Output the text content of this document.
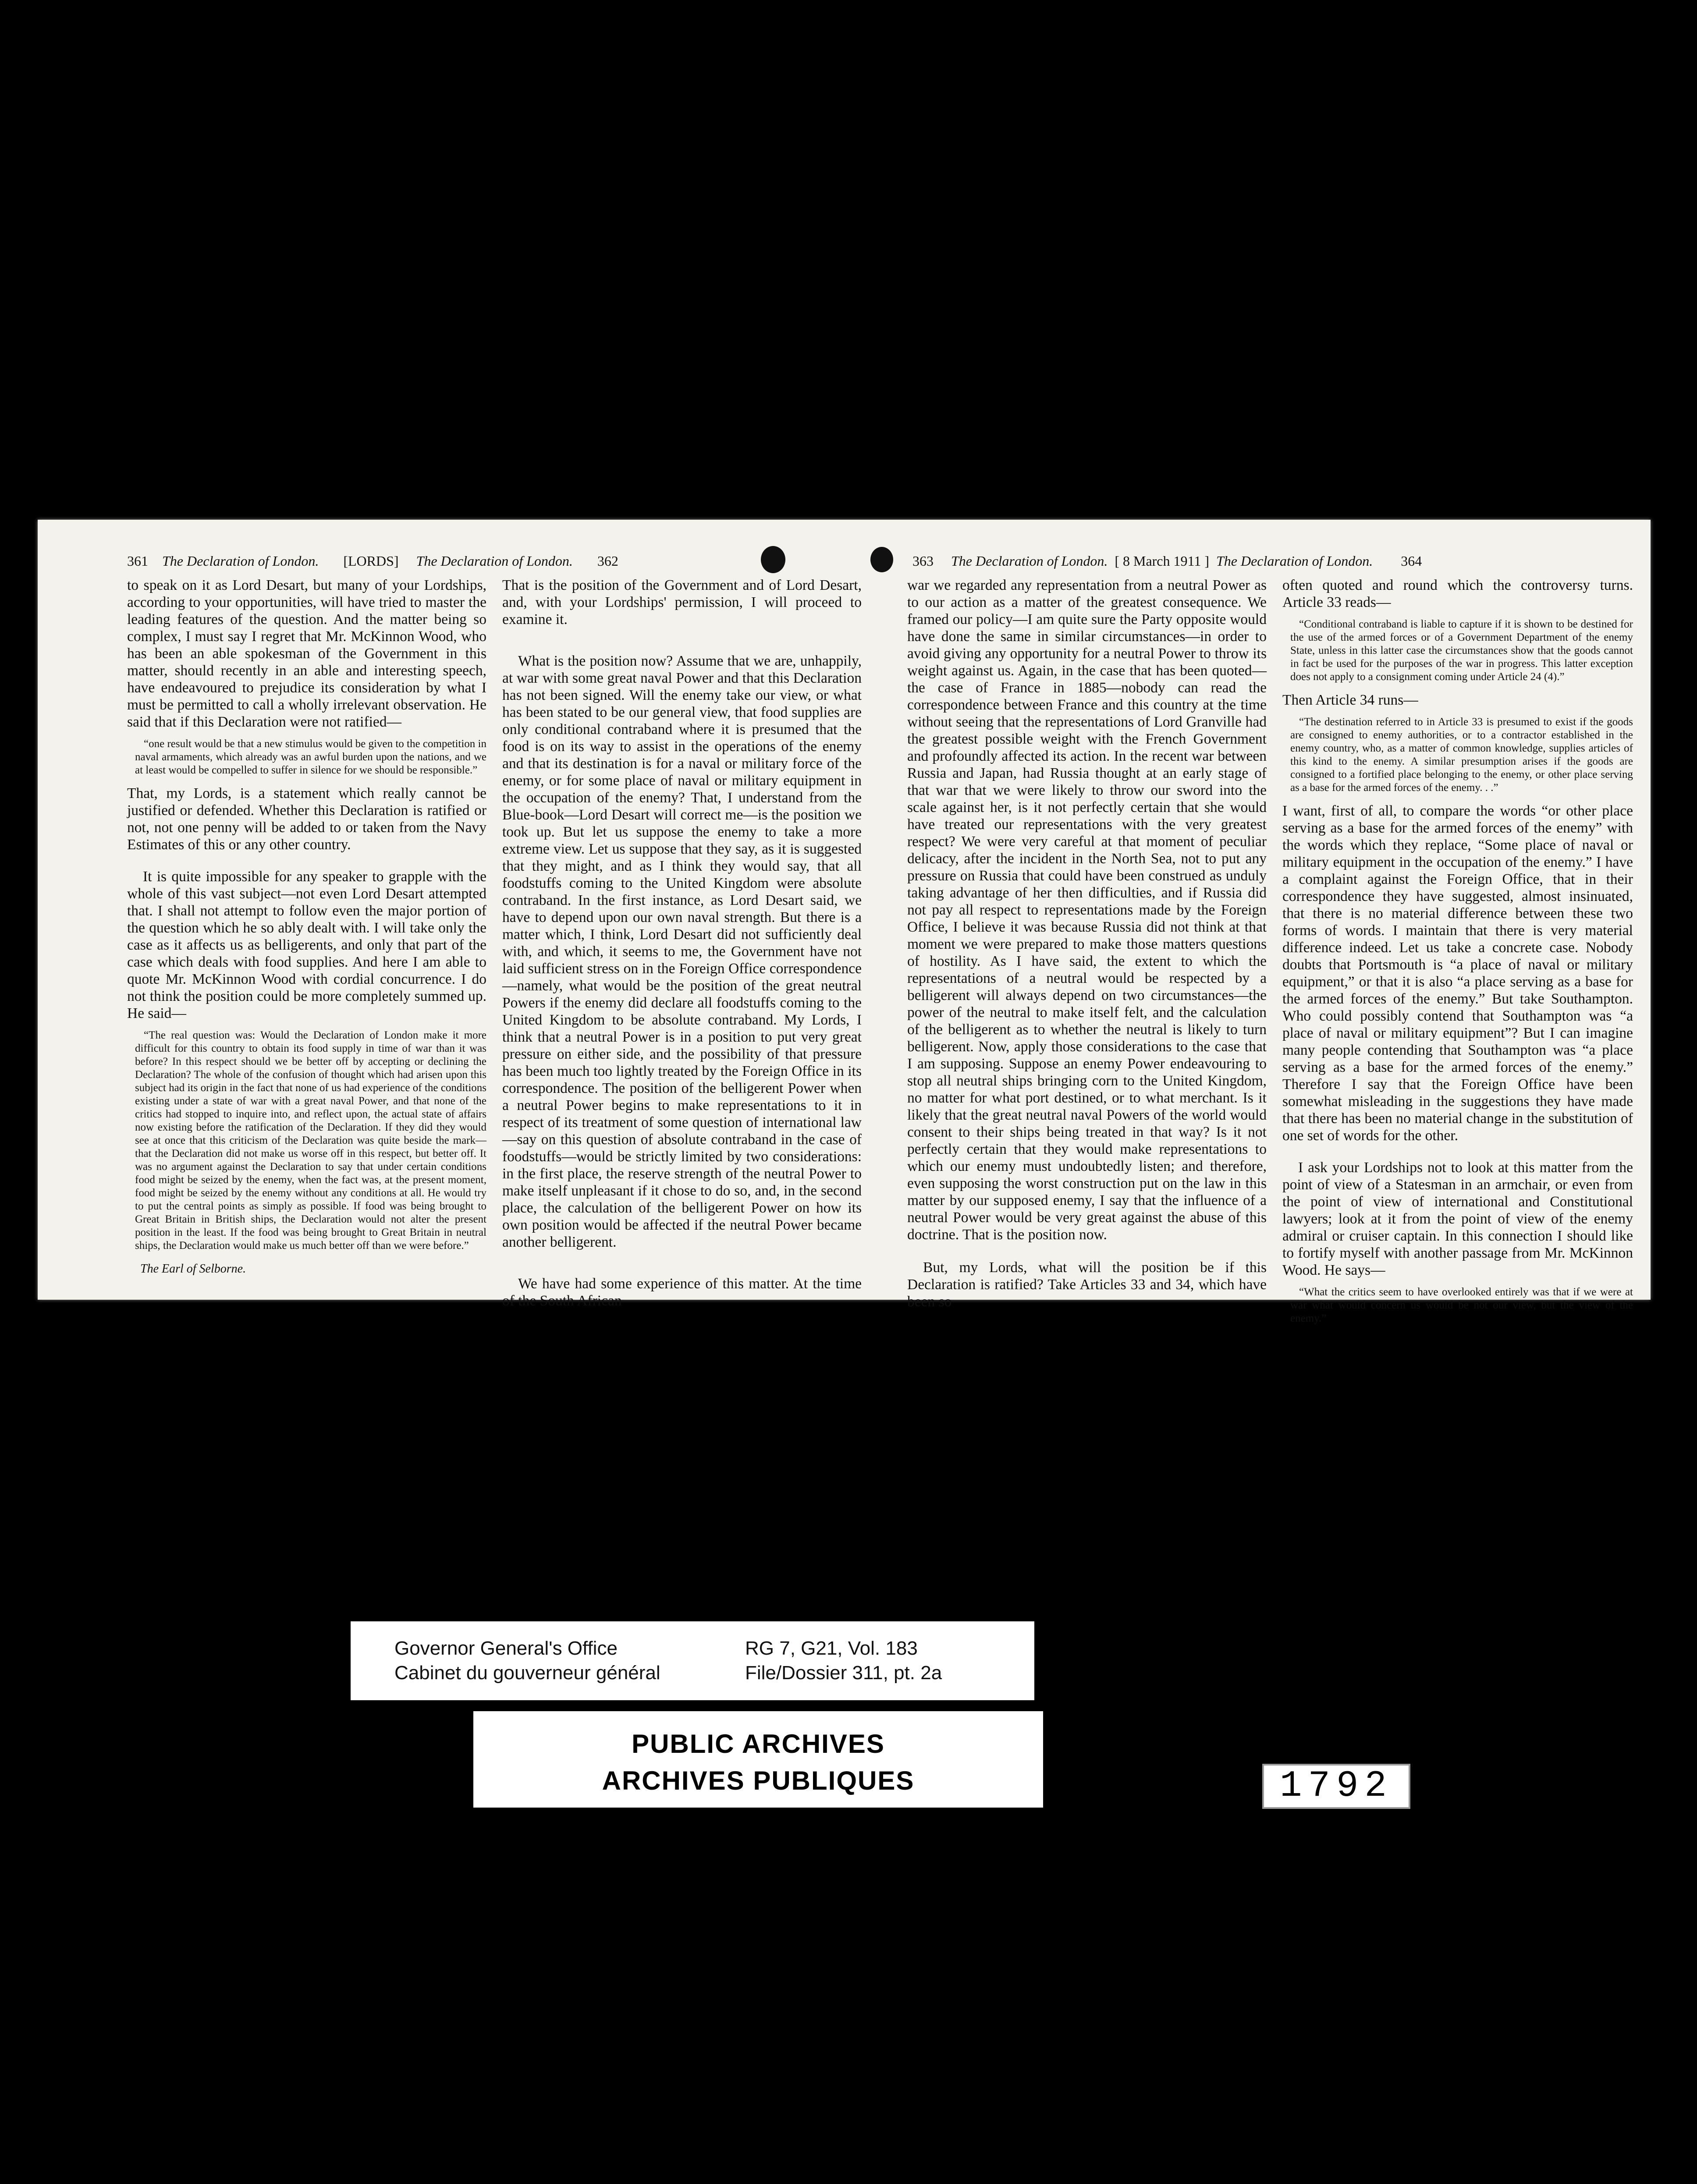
361 The Declaration of London. [LORDS] The Declaration of London. 362	363 The Declaration of London. [ 8 March 1911 ] The Declaration of London. 364

to speak on it as Lord Desart, but many of your Lordships, according to your opportunities, will have tried to master the leading features of the question. And the matter being so complex, I must say I regret that Mr. McKinnon Wood, who has been an able spokesman of the Government in this matter, should recently in an able and interesting speech, have endeavoured to prejudice its consideration by what I must be permitted to call a wholly irrelevant observation. He said that if this Declaration were not ratified—

“one result would be that a new stimulus would be given to the competition in naval armaments, which already was an awful burden upon the nations, and we at least would be compelled to suffer in silence for we should be responsible.”

That, my Lords, is a statement which really cannot be justified or defended. Whether this Declaration is ratified or not, not one penny will be added to or taken from the Navy Estimates of this or any other country.

It is quite impossible for any speaker to grapple with the whole of this vast subject—not even Lord Desart attempted that. I shall not attempt to follow even the major portion of the question which he so ably dealt with. I will take only the case as it affects us as belligerents, and only that part of the case which deals with food supplies. And here I am able to quote Mr. McKinnon Wood with cordial concurrence. I do not think the position could be more completely summed up. He said—

“The real question was: Would the Declaration of London make it more difficult for this country to obtain its food supply in time of war than it was before? In this respect should we be better off by accepting or declining the Declaration? The whole of the confusion of thought which had arisen upon this subject had its origin in the fact that none of us had experience of the conditions existing under a state of war with a great naval Power, and that none of the critics had stopped to inquire into, and reflect upon, the actual state of affairs now existing before the ratification of the Declaration. If they did they would see at once that this criticism of the Declaration was quite beside the mark—that the Declaration did not make us worse off in this respect, but better off. It was no argument against the Declaration to say that under certain conditions food might be seized by the enemy, when the fact was, at the present moment, food might be seized by the enemy without any conditions at all. He would try to put the central points as simply as possible. If food was being brought to Great Britain in British ships, the Declaration would not alter the present position in the least. If the food was being brought to Great Britain in neutral ships, the Declaration would make us much better off than we were before.”
The Earl of Selborne.

That is the position of the Government and of Lord Desart, and, with your Lordships' permission, I will proceed to examine it.

What is the position now? Assume that we are, unhappily, at war with some great naval Power and that this Declaration has not been signed. Will the enemy take our view, or what has been stated to be our general view, that food supplies are only conditional contraband where it is presumed that the food is on its way to assist in the operations of the enemy and that its destination is for a naval or military force of the enemy, or for some place of naval or military equipment in the occupation of the enemy? That, I understand from the Blue-book—Lord Desart will correct me—is the position we took up. But let us suppose the enemy to take a more extreme view. Let us suppose that they say, as it is suggested that they might, and as I think they would say, that all foodstuffs coming to the United Kingdom were absolute contraband. In the first instance, as Lord Desart said, we have to depend upon our own naval strength. But there is a matter which, I think, Lord Desart did not sufficiently deal with, and which, it seems to me, the Government have not laid sufficient stress on in the Foreign Office correspondence—namely, what would be the position of the great neutral Powers if the enemy did declare all foodstuffs coming to the United Kingdom to be absolute contraband. My Lords, I think that a neutral Power is in a position to put very great pressure on either side, and the possibility of that pressure has been much too lightly treated by the Foreign Office in its correspondence. The position of the belligerent Power when a neutral Power begins to make representations to it in respect of its treatment of some question of international law—say on this question of absolute contraband in the case of foodstuffs—would be strictly limited by two considerations: in the first place, the reserve strength of the neutral Power to make itself unpleasant if it chose to do so, and, in the second place, the calculation of the belligerent Power on how its own position would be affected if the neutral Power became another belligerent.

We have had some experience of this matter. At the time of the South African

war we regarded any representation from a neutral Power as to our action as a matter of the greatest consequence. We framed our policy—I am quite sure the Party opposite would have done the same in similar circumstances—in order to avoid giving any opportunity for a neutral Power to throw its weight against us. Again, in the case that has been quoted—the case of France in 1885—nobody can read the correspondence between France and this country at the time without seeing that the representations of Lord Granville had the greatest possible weight with the French Government and profoundly affected its action. In the recent war between Russia and Japan, had Russia thought at an early stage of that war that we were likely to throw our sword into the scale against her, is it not perfectly certain that she would have treated our representations with the very greatest respect? We were very careful at that moment of peculiar delicacy, after the incident in the North Sea, not to put any pressure on Russia that could have been construed as unduly taking advantage of her then difficulties, and if Russia did not pay all respect to representations made by the Foreign Office, I believe it was because Russia did not think at that moment we were prepared to make those matters questions of hostility. As I have said, the extent to which the representations of a neutral would be respected by a belligerent will always depend on two circumstances—the power of the neutral to make itself felt, and the calculation of the belligerent as to whether the neutral is likely to turn belligerent. Now, apply those considerations to the case that I am supposing. Suppose an enemy Power endeavouring to stop all neutral ships bringing corn to the United Kingdom, no matter for what port destined, or to what merchant. Is it likely that the great neutral naval Powers of the world would consent to their ships being treated in that way? Is it not perfectly certain that they would make representations to which our enemy must undoubtedly listen; and therefore, even supposing the worst construction put on the law in this matter by our supposed enemy, I say that the influence of a neutral Power would be very great against the abuse of this doctrine. That is the position now.

But, my Lords, what will the position be if this Declaration is ratified? Take Articles 33 and 34, which have been so

often quoted and round which the controversy turns. Article 33 reads—

“Conditional contraband is liable to capture if it is shown to be destined for the use of the armed forces or of a Government Department of the enemy State, unless in this latter case the circumstances show that the goods cannot in fact be used for the purposes of the war in progress. This latter exception does not apply to a consignment coming under Article 24 (4).”

Then Article 34 runs—

“The destination referred to in Article 33 is presumed to exist if the goods are consigned to enemy authorities, or to a contractor established in the enemy country, who, as a matter of common knowledge, supplies articles of this kind to the enemy. A similar presumption arises if the goods are consigned to a fortified place belonging to the enemy, or other place serving as a base for the armed forces of the enemy. . .”

I want, first of all, to compare the words “or other place serving as a base for the armed forces of the enemy” with the words which they replace, “Some place of naval or military equipment in the occupation of the enemy.” I have a complaint against the Foreign Office, that in their correspondence they have suggested, almost insinuated, that there is no material difference between these two forms of words. I maintain that there is very material difference indeed. Let us take a concrete case. Nobody doubts that Portsmouth is “a place of naval or military equipment,” or that it is also “a place serving as a base for the armed forces of the enemy.” But take Southampton. Who could possibly contend that Southampton was “a place of naval or military equipment”? But I can imagine many people contending that Southampton was “a place serving as a base for the armed forces of the enemy.” Therefore I say that the Foreign Office have been somewhat misleading in the suggestions they have made that there has been no material change in the substitution of one set of words for the other.

I ask your Lordships not to look at this matter from the point of view of a Statesman in an armchair, or even from the point of view of international and Constitutional lawyers; look at it from the point of view of the enemy admiral or cruiser captain. In this connection I should like to fortify myself with another passage from Mr. McKinnon Wood. He says—

“What the critics seem to have overlooked entirely was that if we were at war what would concern us would be not our view, but the view of the enemy.”
Governor General's Office
Cabinet du gouverneur général
RG 7, G21, Vol. 183
File/Dossier 311, pt. 2a
PUBLIC ARCHIVES
ARCHIVES PUBLIQUES
CANADA
1792
